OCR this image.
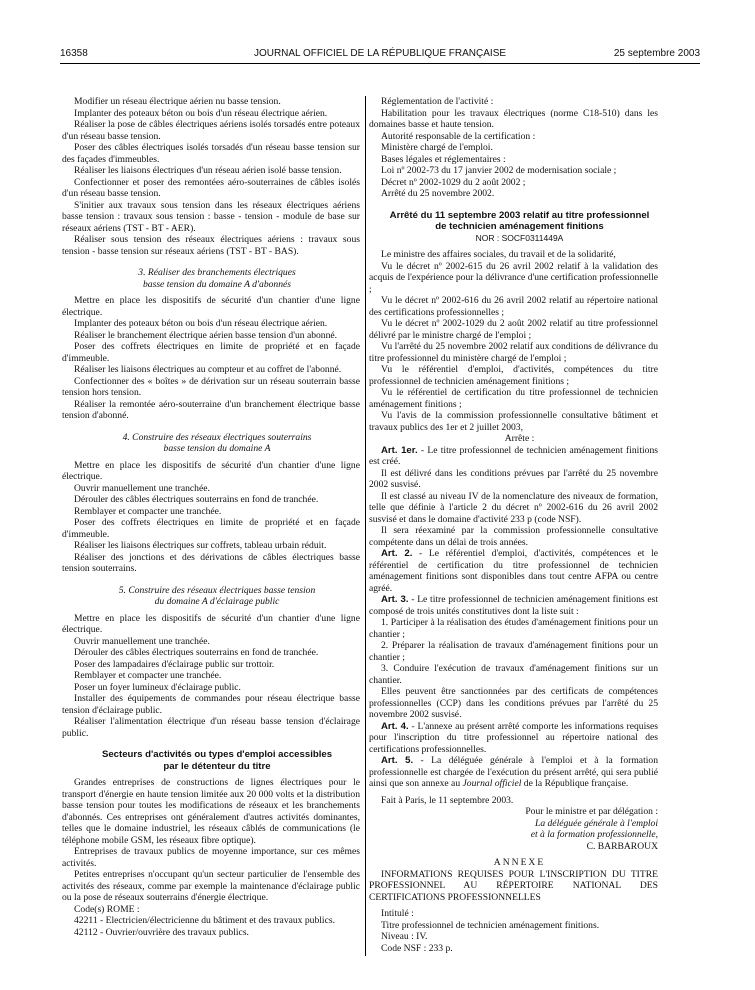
16358	JOURNAL OFFICIEL DE LA RÉPUBLIQUE FRANÇAISE	25 septembre 2003

Modifier un réseau électrique aérien nu basse tension.

Implanter des poteaux béton ou bois d'un réseau électrique aérien.

Réaliser la pose de câbles électriques aériens isolés torsadés entre poteaux d'un réseau basse tension.

Poser des câbles électriques isolés torsadés d'un réseau basse tension sur des façades d'immeubles.

Réaliser les liaisons électriques d'un réseau aérien isolé basse tension.

Confectionner et poser des remontées aéro-souterraines de câbles isolés d'un réseau basse tension.

S'initier aux travaux sous tension dans les réseaux électriques aériens basse tension : travaux sous tension : basse - tension - module de base sur réseaux aériens (TST - BT - AER).

Réaliser sous tension des réseaux électriques aériens : travaux sous tension - basse tension sur réseaux aériens (TST - BT - BAS).

3. Réaliser des branchements électriques

basse tension du domaine A d'abonnés

Mettre en place les dispositifs de sécurité d'un chantier d'une ligne électrique.

Implanter des poteaux béton ou bois d'un réseau électrique aérien.

Réaliser le branchement électrique aérien basse tension d'un abonné.

Poser des coffrets électriques en limite de propriété et en façade d'immeuble.

Réaliser les liaisons électriques au compteur et au coffret de l'abonné.

Confectionner des « boîtes » de dérivation sur un réseau souterrain basse tension hors tension.

Réaliser la remontée aéro-souterraine d'un branchement électrique basse tension d'abonné.

4. Construire des réseaux électriques souterrains

basse tension du domaine A

Mettre en place les dispositifs de sécurité d'un chantier d'une ligne électrique.

Ouvrir manuellement une tranchée.

Dérouler des câbles électriques souterrains en fond de tranchée.

Remblayer et compacter une tranchée.

Poser des coffrets électriques en limite de propriété et en façade d'immeuble.

Réaliser les liaisons électriques sur coffrets, tableau urbain réduit.

Réaliser des jonctions et des dérivations de câbles électriques basse tension souterrains.

5. Construire des réseaux électriques basse tension

du domaine A d'éclairage public

Mettre en place les dispositifs de sécurité d'un chantier d'une ligne électrique.

Ouvrir manuellement une tranchée.

Dérouler des câbles électriques souterrains en fond de tranchée.

Poser des lampadaires d'éclairage public sur trottoir.

Remblayer et compacter une tranchée.

Poser un foyer lumineux d'éclairage public.

Installer des équipements de commandes pour réseau électrique basse tension d'éclairage public.

Réaliser l'alimentation électrique d'un réseau basse tension d'éclairage public.

Secteurs d'activités ou types d'emploi accessibles

par le détenteur du titre

Grandes entreprises de constructions de lignes électriques pour le transport d'énergie en haute tension limitée aux 20 000 volts et la distribution basse tension pour toutes les modifications de réseaux et les branchements d'abonnés. Ces entreprises ont généralement d'autres activités dominantes, telles que le domaine industriel, les réseaux câblés de communications (le téléphone mobile GSM, les réseaux fibre optique).

Entreprises de travaux publics de moyenne importance, sur ces mêmes activités.

Petites entreprises n'occupant qu'un secteur particulier de l'ensemble des activités des réseaux, comme par exemple la maintenance d'éclairage public ou la pose de réseaux souterrains d'énergie électrique.

Code(s) ROME :

42211 - Electricien/électricienne du bâtiment et des travaux publics.

42112 - Ouvrier/ouvrière des travaux publics.

Réglementation de l'activité :

Habilitation pour les travaux électriques (norme C18-510) dans les domaines basse et haute tension.

Autorité responsable de la certification :

Ministère chargé de l'emploi.

Bases légales et réglementaires :

Loi nº 2002-73 du 17 janvier 2002 de modernisation sociale ;

Décret nº 2002-1029 du 2 août 2002 ;

Arrêté du 25 novembre 2002.

Arrêté du 11 septembre 2003 relatif au titre professionnel

de technicien aménagement finitions

NOR : SOCF0311449A

Le ministre des affaires sociales, du travail et de la solidarité,

Vu le décret nº 2002-615 du 26 avril 2002 relatif à la validation des acquis de l'expérience pour la délivrance d'une certification professionnelle ;

Vu le décret nº 2002-616 du 26 avril 2002 relatif au répertoire national des certifications professionnelles ;

Vu le décret nº 2002-1029 du 2 août 2002 relatif au titre professionnel délivré par le ministre chargé de l'emploi ;

Vu l'arrêté du 25 novembre 2002 relatif aux conditions de délivrance du titre professionnel du ministère chargé de l'emploi ;

Vu le référentiel d'emploi, d'activités, compétences du titre professionnel de technicien aménagement finitions ;

Vu le référentiel de certification du titre professionnel de technicien aménagement finitions ;

Vu l'avis de la commission professionnelle consultative bâtiment et travaux publics des 1er et 2 juillet 2003,

Arrête :

Art. 1er. - Le titre professionnel de technicien aménagement finitions est créé.

Il est délivré dans les conditions prévues par l'arrêté du 25 novembre 2002 susvisé.

Il est classé au niveau IV de la nomenclature des niveaux de formation, telle que définie à l'article 2 du décret nº 2002-616 du 26 avril 2002 susvisé et dans le domaine d'activité 233 p (code NSF).

Il sera réexaminé par la commission professionnelle consultative compétente dans un délai de trois années.

Art. 2. - Le référentiel d'emploi, d'activités, compétences et le référentiel de certification du titre professionnel de technicien aménagement finitions sont disponibles dans tout centre AFPA ou centre agréé.

Art. 3. - Le titre professionnel de technicien aménagement finitions est composé de trois unités constitutives dont la liste suit :

1. Participer à la réalisation des études d'aménagement finitions pour un chantier ;

2. Préparer la réalisation de travaux d'aménagement finitions pour un chantier ;

3. Conduire l'exécution de travaux d'aménagement finitions sur un chantier.

Elles peuvent être sanctionnées par des certificats de compétences professionnelles (CCP) dans les conditions prévues par l'arrêté du 25 novembre 2002 susvisé.

Art. 4. - L'annexe au présent arrêté comporte les informations requises pour l'inscription du titre professionnel au répertoire national des certifications professionnelles.

Art. 5. - La déléguée générale à l'emploi et à la formation professionnelle est chargée de l'exécution du présent arrêté, qui sera publié ainsi que son annexe au Journal officiel de la République française.

Fait à Paris, le 11 septembre 2003.

Pour le ministre et par délégation :

La déléguée générale à l'emploi

et à la formation professionnelle,

C. BARBAROUX

ANNEXE

INFORMATIONS REQUISES POUR L'INSCRIPTION DU TITRE PROFESSIONNEL AU RÉPERTOIRE NATIONAL DES CERTIFICATIONS PROFESSIONNELLES

Intitulé :

Titre professionnel de technicien aménagement finitions.

Niveau : IV.

Code NSF : 233 p.
